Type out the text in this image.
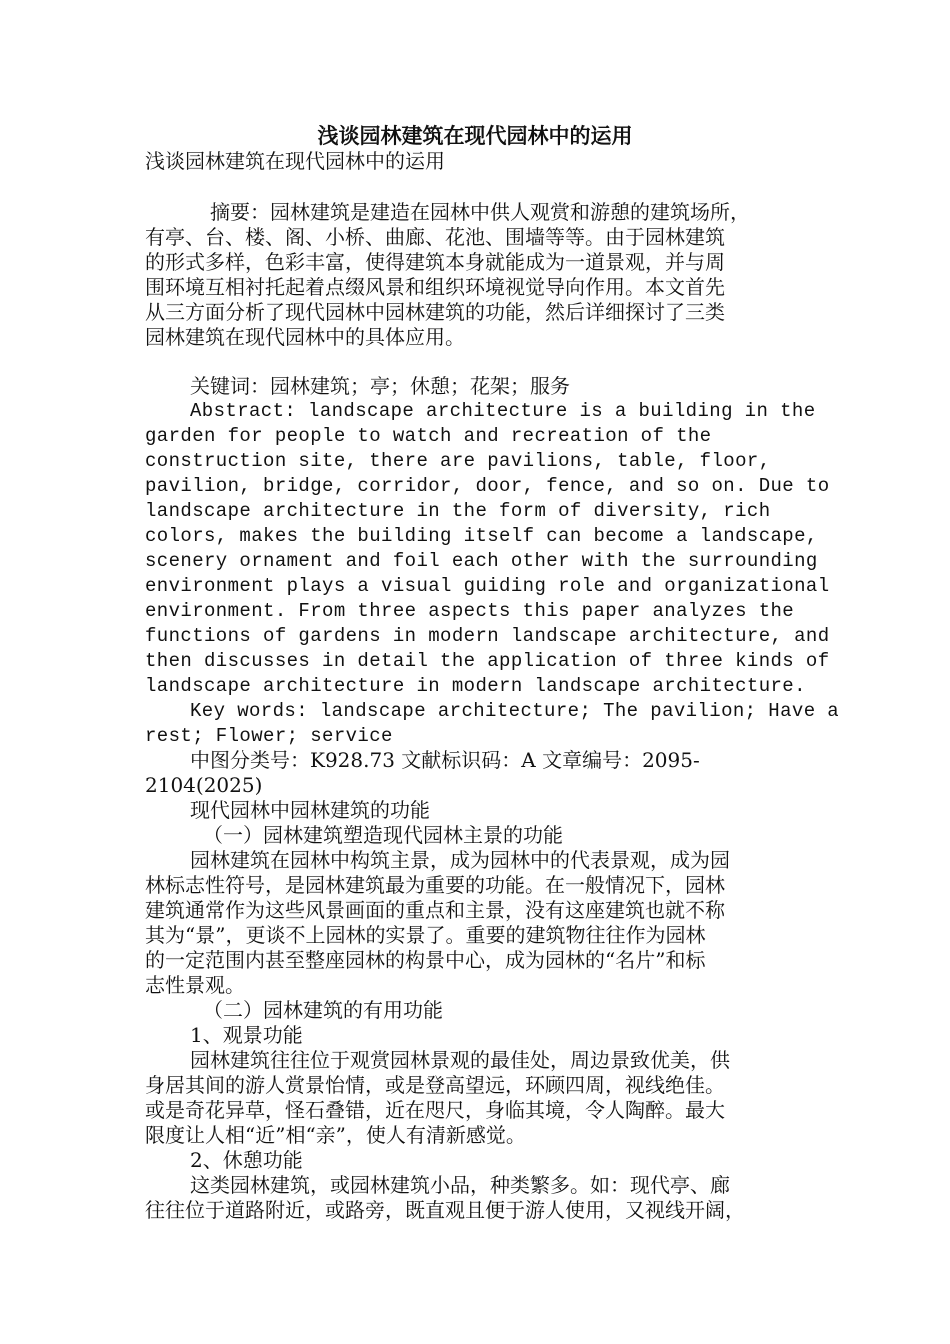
浅谈园林建筑在现代园林中的运用
浅谈园林建筑在现代园林中的运用
摘要：园林建筑是建造在园林中供人观赏和游憩的建筑场所，
有亭、台、楼、阁、小桥、曲廊、花池、围墙等等。由于园林建筑
的形式多样，色彩丰富，使得建筑本身就能成为一道景观，并与周
围环境互相衬托起着点缀风景和组织环境视觉导向作用。本文首先
从三方面分析了现代园林中园林建筑的功能，然后详细探讨了三类
园林建筑在现代园林中的具体应用。
关键词：园林建筑；亭；休憩；花架；服务
Abstract: landscape architecture is a building in the
garden for people to watch and recreation of the
construction site, there are pavilions, table, floor,
pavilion, bridge, corridor, door, fence, and so on. Due to
landscape architecture in the form of diversity, rich
colors, makes the building itself can become a landscape,
scenery ornament and foil each other with the surrounding
environment plays a visual guiding role and organizational
environment. From three aspects this paper analyzes the
functions of gardens in modern landscape architecture, and
then discusses in detail the application of three kinds of
landscape architecture in modern landscape architecture.
Key words: landscape architecture; The pavilion; Have a
rest; Flower; service
中图分类号：K928.73 文献标识码：A 文章编号：2095-
2104(2025)
现代园林中园林建筑的功能
（一）园林建筑塑造现代园林主景的功能
园林建筑在园林中构筑主景，成为园林中的代表景观，成为园
林标志性符号，是园林建筑最为重要的功能。在一般情况下，园林
建筑通常作为这些风景画面的重点和主景，没有这座建筑也就不称
其为“景”，更谈不上园林的实景了。重要的建筑物往往作为园林
的一定范围内甚至整座园林的构景中心，成为园林的“名片”和标
志性景观。
（二）园林建筑的有用功能
1、观景功能
园林建筑往往位于观赏园林景观的最佳处，周边景致优美，供
身居其间的游人赏景怡情，或是登高望远，环顾四周，视线绝佳。
或是奇花异草，怪石叠错，近在咫尺，身临其境，令人陶醉。最大
限度让人相“近”相“亲”，使人有清新感觉。
2、休憩功能
这类园林建筑，或园林建筑小品，种类繁多。如：现代亭、廊
往往位于道路附近，或路旁，既直观且便于游人使用，又视线开阔，
